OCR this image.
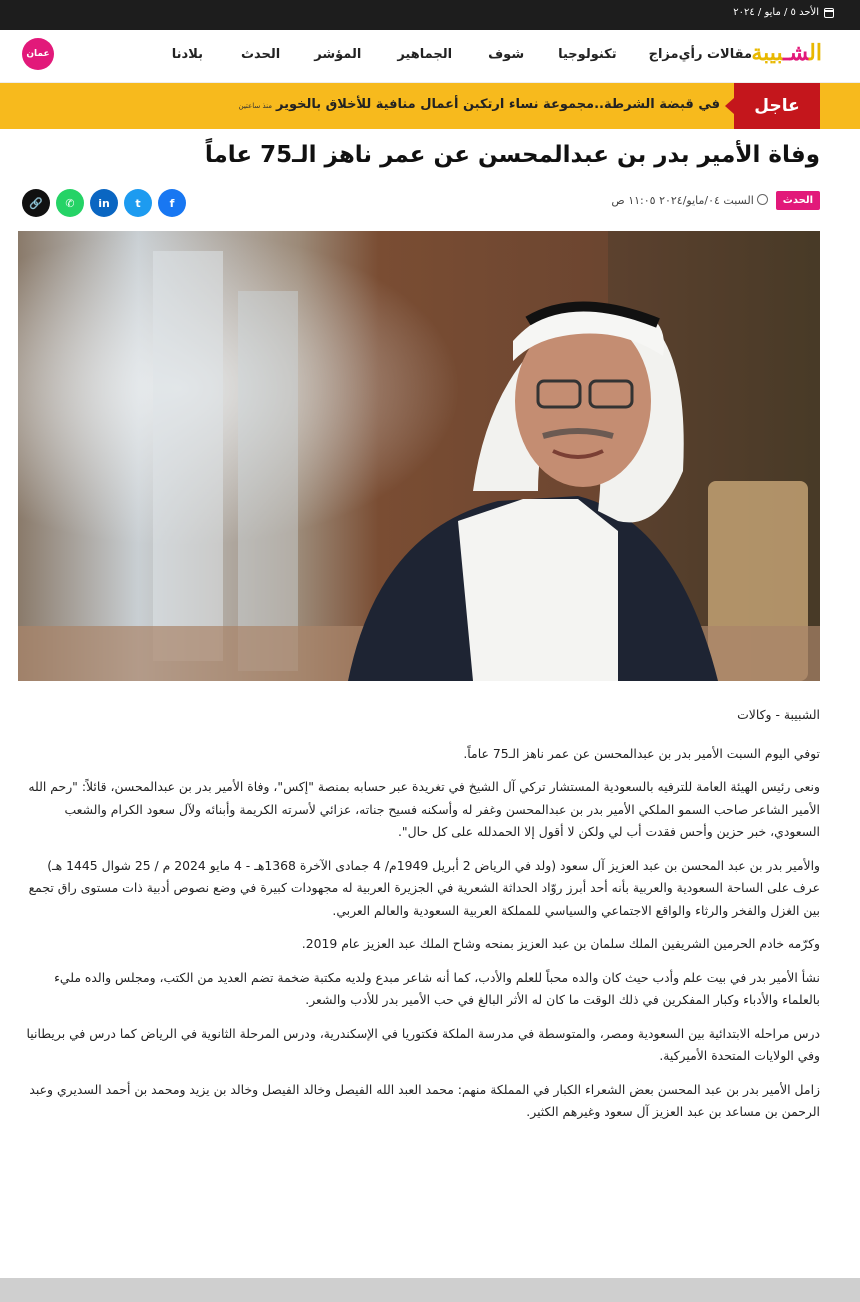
الأحد ٥ / مايو / ٢٠٢٤
الشـبيبة
بلادنا	الحدث	المؤشر	الجماهير	شوف	تكنولوجيا مزاج مقالات رأي
عمان
عاجل
في قبضة الشرطة..مجموعة نساء ارتكبن أعمال منافية للأخلاق بالخويرمنذ ساعتين
وفاة الأمير بدر بن عبدالمحسن عن عمر ناهز الـ75 عاماً
الحدث
السبت ٠٤/مايو/٢٠٢٤ ١١:٠٥ ص
🔗	✆	in	t	f

الشبيبة - وكالات

توفي اليوم السبت الأمير بدر بن عبدالمحسن عن عمر ناهز الـ75 عاماً.

ونعى رئيس الهيئة العامة للترفيه بالسعودية المستشار تركي آل الشيخ في تغريدة عبر حسابه بمنصة "إكس"، وفاة الأمير بدر بن عبدالمحسن، قائلاً: "رحم الله الأمير الشاعر صاحب السمو الملكي الأمير بدر بن عبدالمحسن وغفر له وأسكنه فسيح جناته، عزائي لأسرته الكريمة وأبنائه ولآل سعود الكرام والشعب السعودي، خبر حزين وأحس فقدت أب لي ولكن لا أقول إلا الحمدلله على كل حال".

والأمير بدر بن عبد المحسن بن عبد العزيز آل سعود (ولد في الرياض 2 أبريل 1949م/ 4 جمادى الآخرة 1368هـ - 4 مايو 2024 م / 25 شوال 1445 هـ) عرف على الساحة السعودية والعربية بأنه أحد أبرز روّاد الحداثة الشعرية في الجزيرة العربية له مجهودات كبيرة في وضع نصوص أدبية ذات مستوى راق تجمع بين الغزل والفخر والرثاء والواقع الاجتماعي والسياسي للمملكة العربية السعودية والعالم العربي.

وكرّمه خادم الحرمين الشريفين الملك سلمان بن عبد العزيز بمنحه وشاح الملك عبد العزيز عام 2019.

نشأ الأمير بدر في بيت علم وأدب حيث كان والده محباً للعلم والأدب، كما أنه شاعر مبدع ولديه مكتبة ضخمة تضم العديد من الكتب، ومجلس والده مليء بالعلماء والأدباء وكبار المفكرين في ذلك الوقت ما كان له الأثر البالغ في حب الأمير بدر للأدب والشعر.

درس مراحله الابتدائية بين السعودية ومصر، والمتوسطة في مدرسة الملكة فكتوريا في الإسكندرية، ودرس المرحلة الثانوية في الرياض كما درس في بريطانيا وفي الولايات المتحدة الأميركية.

زامل الأمير بدر بن عبد المحسن بعض الشعراء الكبار في المملكة منهم: محمد العبد الله الفيصل وخالد الفيصل وخالد بن يزيد ومحمد بن أحمد السديري وعبد الرحمن بن مساعد بن عبد العزيز آل سعود وغيرهم الكثير.
